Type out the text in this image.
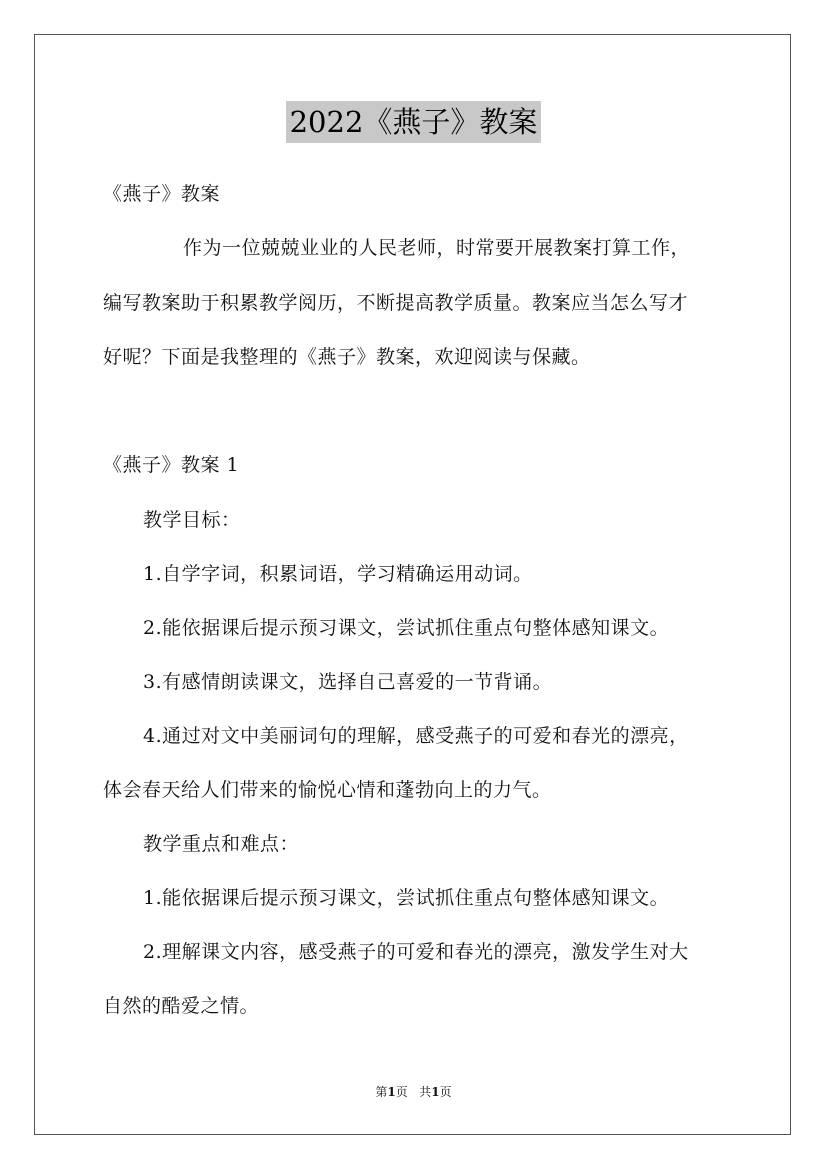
2022《燕子》教案
《燕子》教案
作为一位兢兢业业的人民老师，时常要开展教案打算工作，
编写教案助于积累教学阅历，不断提高教学质量。教案应当怎么写才
好呢？下面是我整理的《燕子》教案，欢迎阅读与保藏。
《燕子》教案 1
教学目标：
1.自学字词，积累词语，学习精确运用动词。
2.能依据课后提示预习课文，尝试抓住重点句整体感知课文。
3.有感情朗读课文，选择自己喜爱的一节背诵。
4.通过对文中美丽词句的理解，感受燕子的可爱和春光的漂亮，
体会春天给人们带来的愉悦心情和蓬勃向上的力气。
教学重点和难点：
1.能依据课后提示预习课文，尝试抓住重点句整体感知课文。
2.理解课文内容，感受燕子的可爱和春光的漂亮，激发学生对大
自然的酷爱之情。
第1页 共1页
